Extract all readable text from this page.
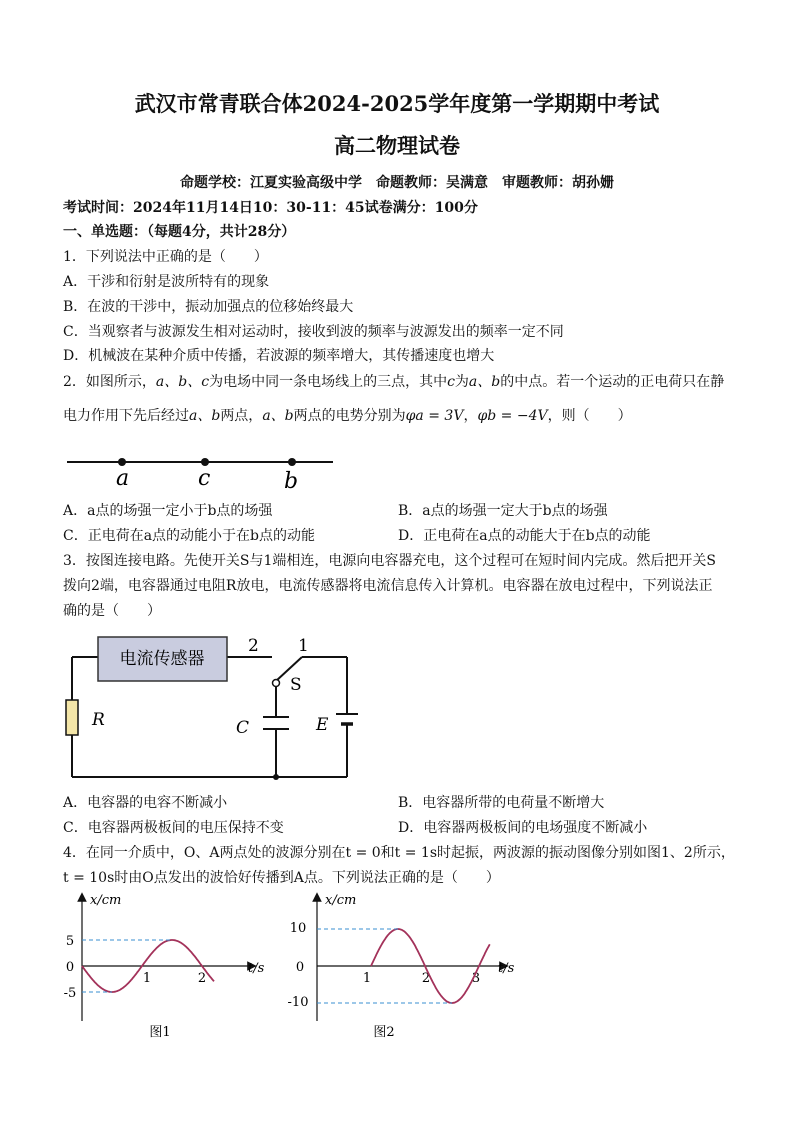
武汉市常青联合体2024-2025学年度第一学期期中考试
高二物理试卷
命题学校：江夏实验高级中学　命题教师：吴满意　审题教师：胡孙姗
考试时间：2024年11月14日10：30-11：45试卷满分：100分
一、单选题：（每题4分，共计28分）
1．下列说法中正确的是（　　）
A．干涉和衍射是波所特有的现象
B．在波的干涉中，振动加强点的位移始终最大
C．当观察者与波源发生相对运动时，接收到波的频率与波源发出的频率一定不同
D．机械波在某种介质中传播，若波源的频率增大，其传播速度也增大
2．如图所示，a、b、c为电场中同一条电场线上的三点，其中c为a、b的中点。若一个运动的正电荷只在静
电力作用下先后经过a、b两点，a、b两点的电势分别为φa = 3V，φb = −4V，则（　　）
a	c	b
A．a点的场强一定小于b点的场强	B．a点的场强一定大于b点的场强
C．正电荷在a点的动能小于在b点的动能	D．正电荷在a点的动能大于在b点的动能
3．按图连接电路。先使开关S与1端相连，电源向电容器充电，这个过程可在短时间内完成。然后把开关S
拨向2端，电容器通过电阻R放电，电流传感器将电流信息传入计算机。电容器在放电过程中，下列说法正
确的是（　　）
电流传感器
R
S
2 1
C	E
A．电容器的电容不断减小	B．电容器所带的电荷量不断增大
C．电容器两极板间的电压保持不变	D．电容器两极板间的电场强度不断减小
4．在同一介质中，O、A两点处的波源分别在t = 0和t = 1s时起振，两波源的振动图像分别如图1、2所示，
t = 10s时由O点发出的波恰好传播到A点。下列说法正确的是（　　）
x/cm
t/s
5
0
-5
1	2
图1
x/cm
t/s
10
0
-10
1	2	3
图2
